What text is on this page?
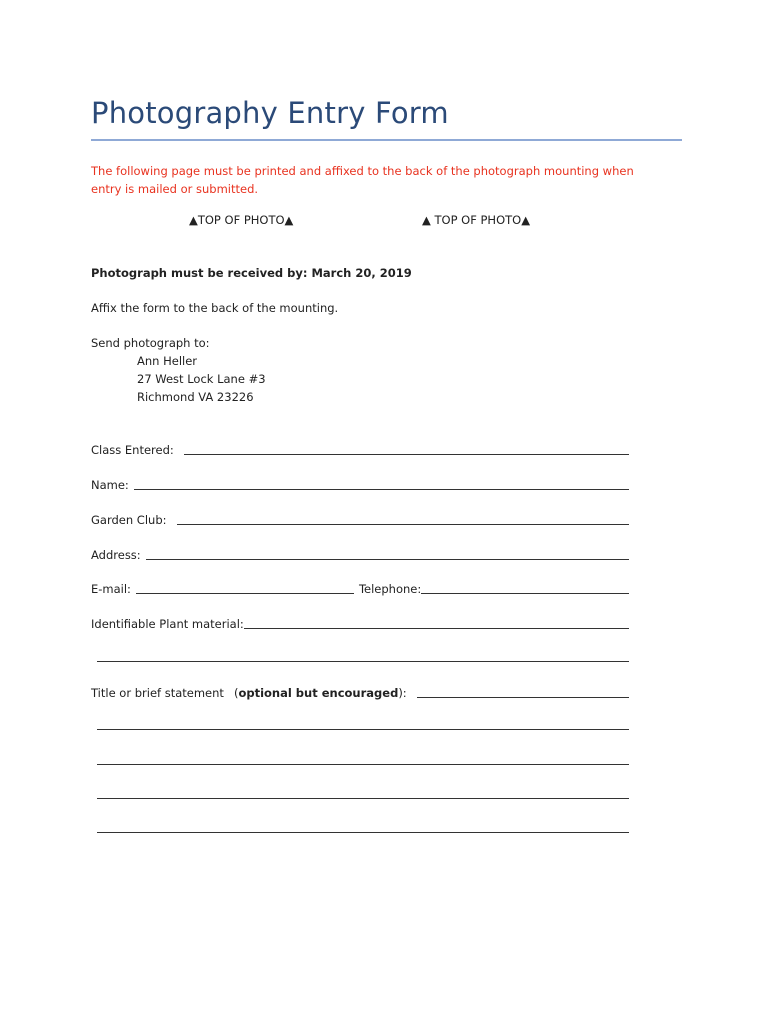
Photography Entry Form
The following page must be printed and affixed to the back of the photograph mounting when entry is mailed or submitted.
▲TOP OF PHOTO▲	▲ TOP OF PHOTO▲
Photograph must be received by: March 20, 2019
Affix the form to the back of the mounting.
Send photograph to:
Ann Heller
27 West Lock Lane #3
Richmond VA 23226
Class Entered:
Name:
Garden Club:
Address:
E-mail:	Telephone:
Identifiable Plant material:
Title or brief statement ( optional but encouraged ):
